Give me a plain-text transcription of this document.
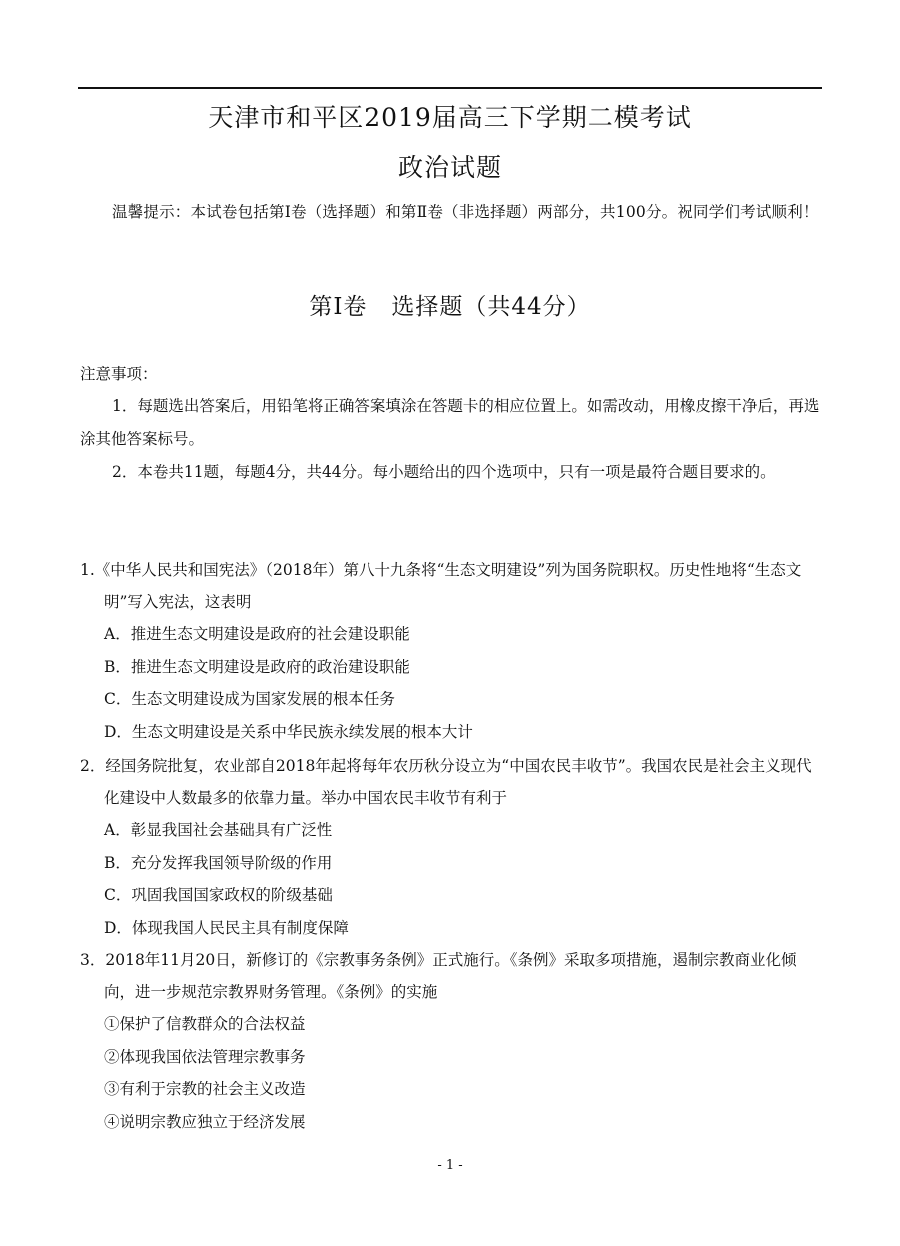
天津市和平区2019届高三下学期二模考试
政治试题
温馨提示：本试卷包括第Ⅰ卷（选择题）和第Ⅱ卷（非选择题）两部分，共100分。祝同学们考试顺利！
第Ⅰ卷　选择题（共44分）
注意事项：
1．每题选出答案后，用铅笔将正确答案填涂在答题卡的相应位置上。如需改动，用橡皮擦干净后，再选涂其他答案标号。
2．本卷共11题，每题4分，共44分。每小题给出的四个选项中，只有一项是最符合题目要求的。
1.《中华人民共和国宪法》（2018年）第八十九条将“生态文明建设”列为国务院职权。历史性地将“生态文明”写入宪法，这表明
A．推进生态文明建设是政府的社会建设职能
B．推进生态文明建设是政府的政治建设职能
C．生态文明建设成为国家发展的根本任务
D．生态文明建设是关系中华民族永续发展的根本大计
2．经国务院批复，农业部自2018年起将每年农历秋分设立为“中国农民丰收节”。我国农民是社会主义现代化建设中人数最多的依靠力量。举办中国农民丰收节有利于
A．彰显我国社会基础具有广泛性
B．充分发挥我国领导阶级的作用
C．巩固我国国家政权的阶级基础
D．体现我国人民民主具有制度保障
3．2018年11月20日，新修订的《宗教事务条例》正式施行。《条例》采取多项措施，遏制宗教商业化倾向，进一步规范宗教界财务管理。《条例》的实施
①保护了信教群众的合法权益
②体现我国依法管理宗教事务
③有利于宗教的社会主义改造
④说明宗教应独立于经济发展
- 1 -
